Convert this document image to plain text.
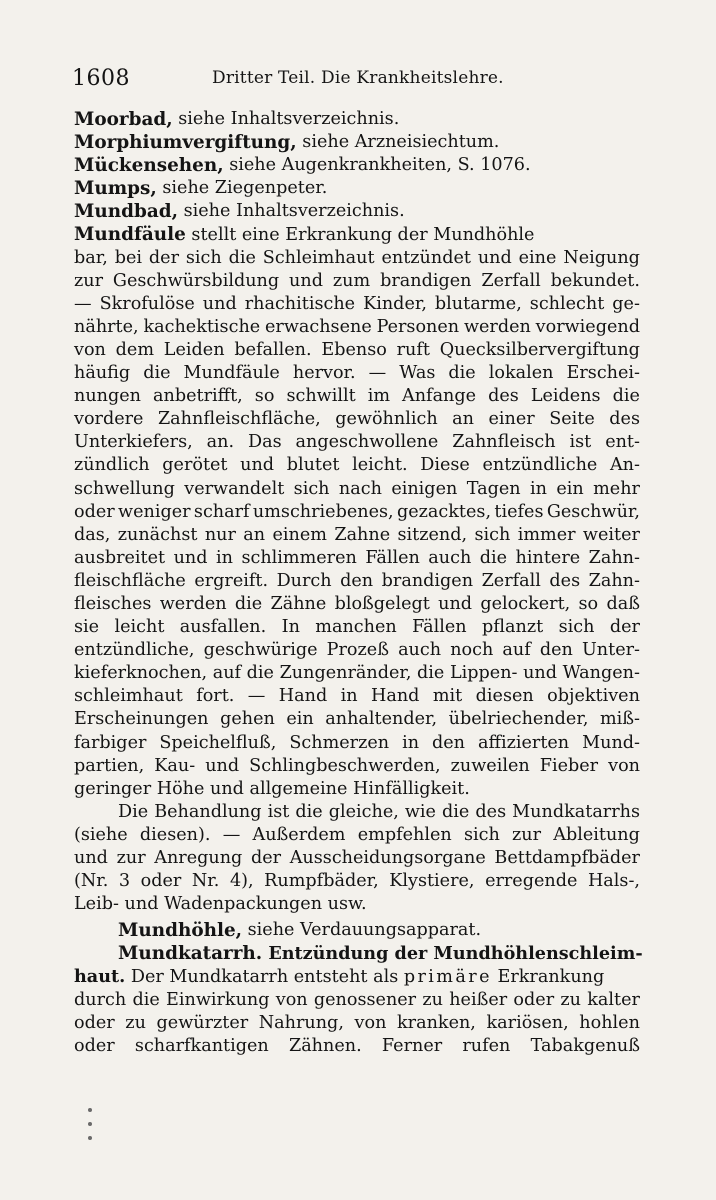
1608	Dritter Teil. Die Krankheitslehre.
Moorbad, siehe Inhaltsverzeichnis.
Morphiumvergiftung, siehe Arzneisiechtum.
Mückensehen, siehe Augenkrankheiten, S. 1076.
Mumps, siehe Ziegenpeter.
Mundbad, siehe Inhaltsverzeichnis.
Mundfäule stellt eine Erkrankung der Mundhöhle
bar, bei der sich die Schleimhaut entzündet und eine Neigung
zur Geschwürsbildung und zum brandigen Zerfall bekundet.
— Skrofulöse und rhachitische Kinder, blutarme, schlecht ge-
nährte, kachektische erwachsene Personen werden vorwiegend
von dem Leiden befallen. Ebenso ruft Quecksilbervergiftung
häufig die Mundfäule hervor. — Was die lokalen Erschei-
nungen anbetrifft, so schwillt im Anfange des Leidens die
vordere Zahnfleischfläche, gewöhnlich an einer Seite des
Unterkiefers, an. Das angeschwollene Zahnfleisch ist ent-
zündlich gerötet und blutet leicht. Diese entzündliche An-
schwellung verwandelt sich nach einigen Tagen in ein mehr
oder weniger scharf umschriebenes, gezacktes, tiefes Geschwür,
das, zunächst nur an einem Zahne sitzend, sich immer weiter
ausbreitet und in schlimmeren Fällen auch die hintere Zahn-
fleischfläche ergreift. Durch den brandigen Zerfall des Zahn-
fleisches werden die Zähne bloßgelegt und gelockert, so daß
sie leicht ausfallen. In manchen Fällen pflanzt sich der
entzündliche, geschwürige Prozeß auch noch auf den Unter-
kieferknochen, auf die Zungenränder, die Lippen- und Wangen-
schleimhaut fort. — Hand in Hand mit diesen objektiven
Erscheinungen gehen ein anhaltender, übelriechender, miß-
farbiger Speichelfluß, Schmerzen in den affizierten Mund-
partien, Kau- und Schlingbeschwerden, zuweilen Fieber von
geringer
Höhe
und
allgemeine
Hinfälligkeit.
Die Behandlung ist die gleiche, wie die des Mundkatarrhs
(siehe diesen). — Außerdem empfehlen sich zur Ableitung
und zur Anregung der Ausscheidungsorgane Bettdampfbäder
(Nr. 3 oder Nr. 4), Rumpfbäder, Klystiere, erregende Hals-,
Leib-
und
Wadenpackungen
usw.
Mundhöhle, siehe Verdauungsapparat.
Mundkatarrh. Entzündung der Mundhöhlenschleim-
haut. Der Mundkatarrh entsteht als primäre Erkrankung
durch die Einwirkung von genossener zu heißer oder zu kalter
oder zu gewürzter Nahrung, von kranken, kariösen, hohlen
oder scharfkantigen Zähnen. Ferner rufen Tabakgenuß
